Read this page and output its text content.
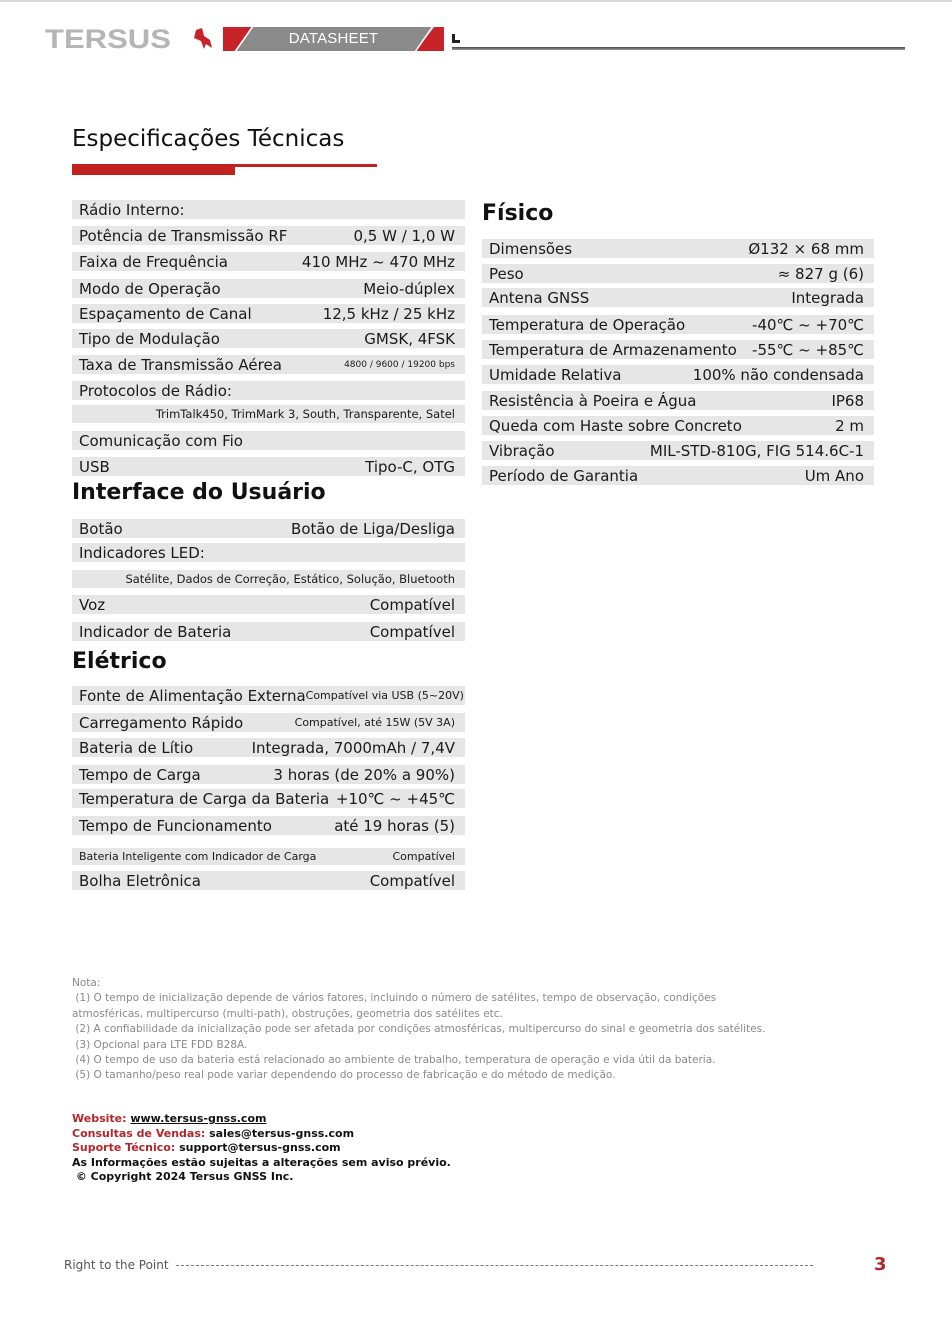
TERSUS	DATASHEET
Especificações Técnicas
Rádio Interno:
Potência de Transmissão RF	0,5 W / 1,0 W
Faixa de Frequência	410 MHz ~ 470 MHz
Modo de Operação	Meio-dúplex
Espaçamento de Canal	12,5 kHz / 25 kHz
Tipo de Modulação	GMSK, 4FSK
Taxa de Transmissão Aérea	4800 / 9600 / 19200 bps
Protocolos de Rádio:
TrimTalk450, TrimMark 3, South, Transparente, Satel
Comunicação com Fio
USB	Tipo-C, OTG
Interface do Usuário
Botão	Botão de Liga/Desliga
Indicadores LED:
Satélite, Dados de Correção, Estático, Solução, Bluetooth
Voz	Compatível
Indicador de Bateria	Compatível
Elétrico
Fonte de Alimentação Externa Compatível via USB (5~20V)
Carregamento Rápido	Compatível, até 15W (5V 3A)
Bateria de Lítio	Integrada, 7000mAh / 7,4V
Tempo de Carga	3 horas (de 20% a 90%)
Temperatura de Carga da Bateria +10℃ ~ +45℃
Tempo de Funcionamento	até 19 horas (5)
Bateria Inteligente com Indicador de Carga	Compatível
Bolha Eletrônica	Compatível
Físico
Dimensões	Ø132 × 68 mm
Peso	≈ 827 g (6)
Antena GNSS	Integrada
Temperatura de Operação	-40℃ ~ +70℃
Temperatura de Armazenamento -55℃ ~ +85℃
Umidade Relativa	100% não condensada
Resistência à Poeira e Água	IP68
Queda com Haste sobre Concreto	2 m
Vibração	MIL-STD-810G, FIG 514.6C-1
Período de Garantia	Um Ano
Nota:
(1) O tempo de inicialização depende de vários fatores, incluindo o número de satélites, tempo de observação, condições
atmosféricas, multipercurso (multi-path), obstruções, geometria dos satélites etc.
(2) A confiabilidade da inicialização pode ser afetada por condições atmosféricas, multipercurso do sinal e geometria dos satélites.
(3) Opcional para LTE FDD B28A.
(4) O tempo de uso da bateria está relacionado ao ambiente de trabalho, temperatura de operação e vida útil da bateria.
(5) O tamanho/peso real pode variar dependendo do processo de fabricação e do método de medição.
Website: www.tersus-gnss.com
Consultas de Vendas: sales@tersus-gnss.com
Suporte Técnico: support@tersus-gnss.com
As Informações estão sujeitas a alterações sem aviso prévio.
© Copyright 2024 Tersus GNSS Inc.
Right to the Point	3
